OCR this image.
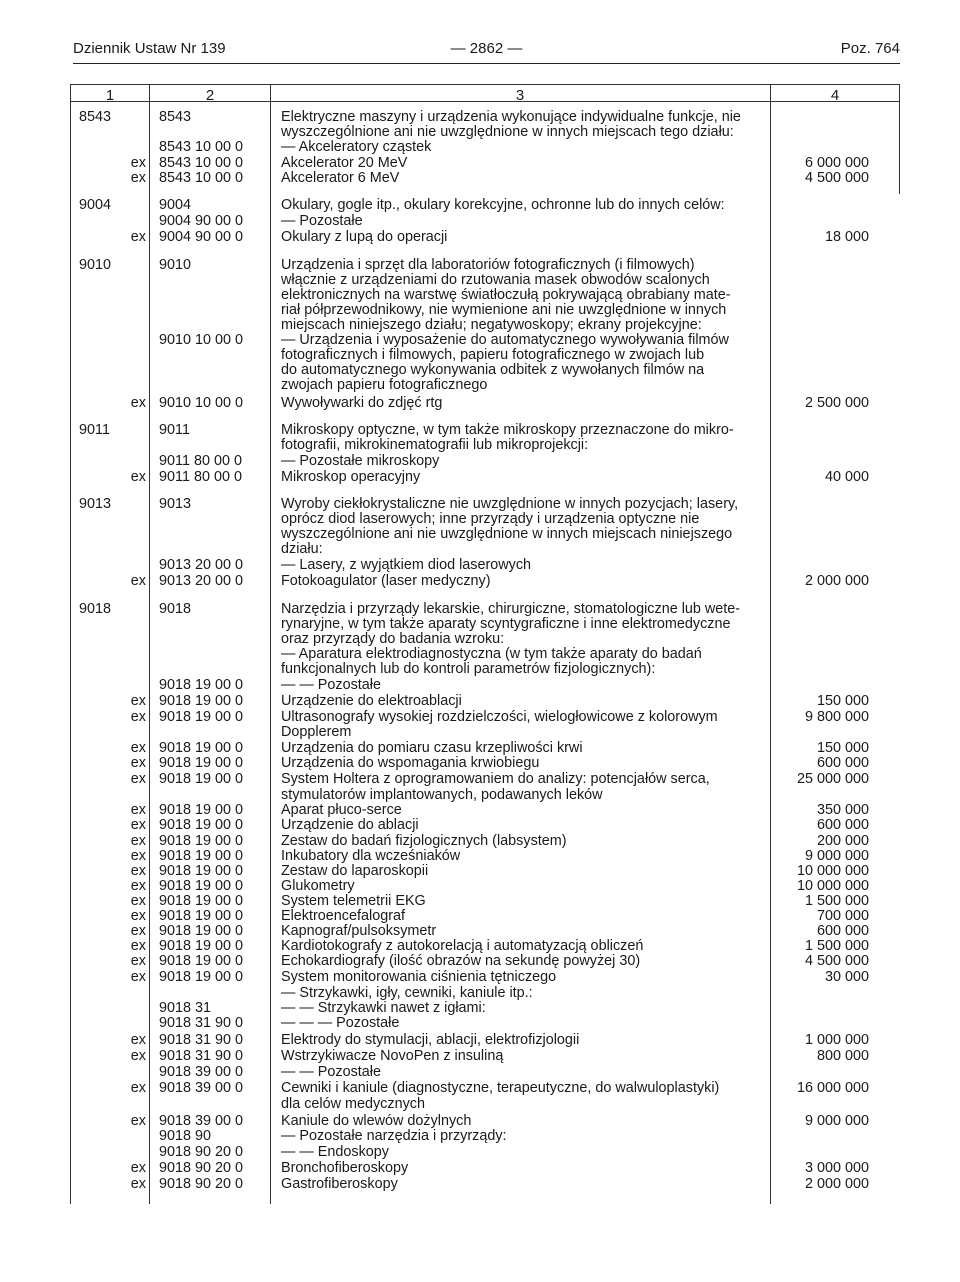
Dziennik Ustaw Nr 139	— 2862 —	Poz. 764
1	2	3	4
8543	8543	Elektryczne maszyny i urządzenia wykonujące indywidualne funkcje, nie
wyszczególnione ani nie uwzględnione w innych miejscach tego działu:
8543 10 00 0	— Akceleratory cząstek
ex 8543 10 00 0	Akcelerator 20 MeV	6 000 000
ex 8543 10 00 0	Akcelerator 6 MeV	4 500 000
9004	9004	Okulary, gogle itp., okulary korekcyjne, ochronne lub do innych celów:
9004 90 00 0	— Pozostałe
ex 9004 90 00 0	Okulary z lupą do operacji	18 000
9010	9010	Urządzenia i sprzęt dla laboratoriów fotograficznych (i filmowych)
włącznie z urządzeniami do rzutowania masek obwodów scalonych
elektronicznych na warstwę światłoczułą pokrywającą obrabiany mate-
riał półprzewodnikowy, nie wymienione ani nie uwzględnione w innych
miejscach niniejszego działu; negatywoskopy; ekrany projekcyjne:
9010 10 00 0	— Urządzenia i wyposażenie do automatycznego wywoływania filmów
fotograficznych i filmowych, papieru fotograficznego w zwojach lub
do automatycznego wykonywania odbitek z wywołanych filmów na
zwojach papieru fotograficznego
ex 9010 10 00 0	Wywoływarki do zdjęć rtg	2 500 000
9011	9011	Mikroskopy optyczne, w tym także mikroskopy przeznaczone do mikro-
fotografii, mikrokinematografii lub mikroprojekcji:
9011 80 00 0	— Pozostałe mikroskopy
ex 9011 80 00 0	Mikroskop operacyjny	40 000
9013	9013	Wyroby ciekłokrystaliczne nie uwzględnione w innych pozycjach; lasery,
oprócz diod laserowych; inne przyrządy i urządzenia optyczne nie
wyszczególnione ani nie uwzględnione w innych miejscach niniejszego
działu:
9013 20 00 0	— Lasery, z wyjątkiem diod laserowych
ex 9013 20 00 0	Fotokoagulator (laser medyczny)	2 000 000
9018	9018	Narzędzia i przyrządy lekarskie, chirurgiczne, stomatologiczne lub wete-
rynaryjne, w tym także aparaty scyntygraficzne i inne elektromedyczne
oraz przyrządy do badania wzroku:
— Aparatura elektrodiagnostyczna (w tym także aparaty do badań
funkcjonalnych lub do kontroli parametrów fizjologicznych):
9018 19 00 0	— — Pozostałe
ex 9018 19 00 0	Urządzenie do elektroablacji	150 000
ex 9018 19 00 0	Ultrasonografy wysokiej rozdzielczości, wielogłowicowe z kolorowym	9 800 000
Dopplerem
ex 9018 19 00 0	Urządzenia do pomiaru czasu krzepliwości krwi	150 000
ex 9018 19 00 0	Urządzenia do wspomagania krwiobiegu	600 000
ex 9018 19 00 0	System Holtera z oprogramowaniem do analizy: potencjałów serca,	25 000 000
stymulatorów implantowanych, podawanych leków
ex 9018 19 00 0	Aparat płuco-serce	350 000
ex 9018 19 00 0	Urządzenie do ablacji	600 000
ex 9018 19 00 0	Zestaw do badań fizjologicznych (labsystem)	200 000
ex 9018 19 00 0	Inkubatory dla wcześniaków	9 000 000
ex 9018 19 00 0	Zestaw do laparoskopii	10 000 000
ex 9018 19 00 0	Glukometry	10 000 000
ex 9018 19 00 0	System telemetrii EKG	1 500 000
ex 9018 19 00 0	Elektroencefalograf	700 000
ex 9018 19 00 0	Kapnograf/pulsoksymetr	600 000
ex 9018 19 00 0	Kardiotokografy z autokorelacją i automatyzacją obliczeń	1 500 000
ex 9018 19 00 0	Echokardiografy (ilość obrazów na sekundę powyżej 30)	4 500 000
ex 9018 19 00 0	System monitorowania ciśnienia tętniczego	30 000
— Strzykawki, igły, cewniki, kaniule itp.:
9018 31	— — Strzykawki nawet z igłami:
9018 31 90 0	— — — Pozostałe
ex 9018 31 90 0	Elektrody do stymulacji, ablacji, elektrofizjologii	1 000 000
ex 9018 31 90 0	Wstrzykiwacze NovoPen z insuliną	800 000
9018 39 00 0	— — Pozostałe
ex 9018 39 00 0	Cewniki i kaniule (diagnostyczne, terapeutyczne, do walwuloplastyki)	16 000 000
dla celów medycznych
ex 9018 39 00 0	Kaniule do wlewów dożylnych	9 000 000
9018 90	— Pozostałe narzędzia i przyrządy:
9018 90 20 0	— — Endoskopy
ex 9018 90 20 0	Bronchofiberoskopy	3 000 000
ex 9018 90 20 0	Gastrofiberoskopy	2 000 000
